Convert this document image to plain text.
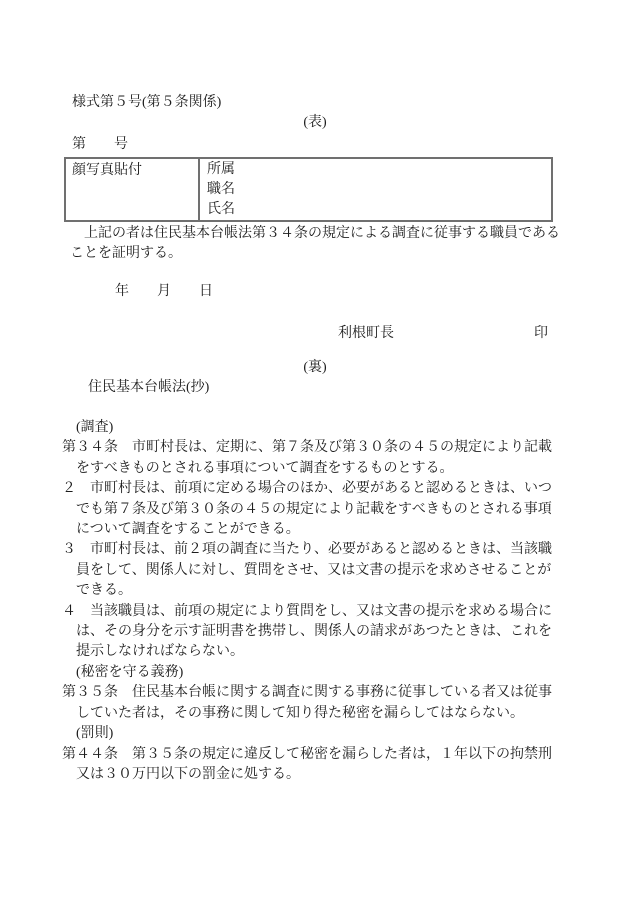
様式第５号(第５条関係)
(表)
第　　号
顔写真貼付	所属
職名
氏名
　上記の者は住民基本台帳法第３４条の規定による調査に従事する職員である
ことを証明する。
年　　月　　日
利根町長	印
(裏)
住民基本台帳法(抄)
　(調査)
第３４条　市町村長は、定期に、第７条及び第３０条の４５の規定により記載
　をすべきものとされる事項について調査をするものとする。
２　市町村長は、前項に定める場合のほか、必要があると認めるときは、いつ
　でも第７条及び第３０条の４５の規定により記載をすべきものとされる事項
　について調査をすることができる。
３　市町村長は、前２項の調査に当たり、必要があると認めるときは、当該職
　員をして、関係人に対し、質問をさせ、又は文書の提示を求めさせることが
　できる。
４　当該職員は、前項の規定により質問をし、又は文書の提示を求める場合に
　は、その身分を示す証明書を携帯し、関係人の請求があつたときは、これを
　提示しなければならない。
　(秘密を守る義務)
第３５条　住民基本台帳に関する調査に関する事務に従事している者又は従事
　していた者は，その事務に関して知り得た秘密を漏らしてはならない。
　(罰則)
第４４条　第３５条の規定に違反して秘密を漏らした者は，１年以下の拘禁刑
　又は３０万円以下の罰金に処する。
